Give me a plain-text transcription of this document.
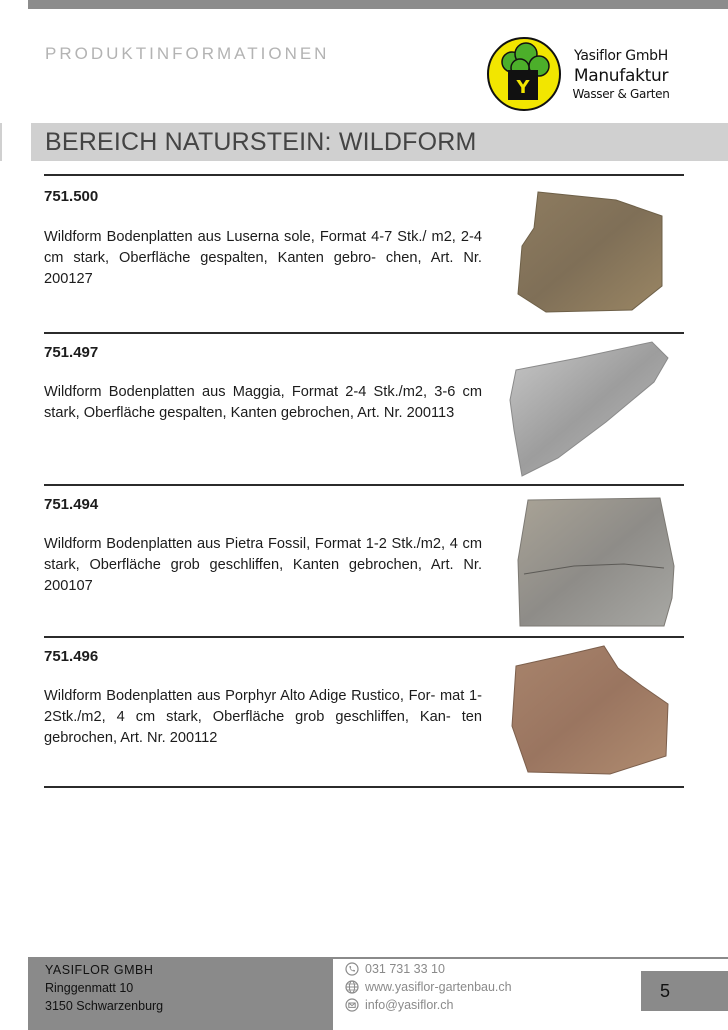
PRODUKTINFORMATIONEN
Y
Yasiflor GmbH
Manufaktur
Wasser & Garten
BEREICH NATURSTEIN: WILDFORM
751.500
Wildform Bodenplatten aus Luserna sole, Format 4-7 Stk./ m2, 2-4 cm stark, Oberfläche gespalten, Kanten gebro- chen, Art. Nr. 200127
751.497
Wildform Bodenplatten aus Maggia, Format 2-4 Stk./m2, 3-6 cm stark, Oberfläche gespalten, Kanten gebrochen, Art. Nr. 200113
751.494
Wildform Bodenplatten aus Pietra Fossil, Format 1-2 Stk./m2, 4 cm stark, Oberfläche grob geschliffen, Kanten gebrochen, Art. Nr. 200107
751.496
Wildform Bodenplatten aus Porphyr Alto Adige Rustico, For- mat 1-2Stk./m2, 4 cm stark, Oberfläche grob geschliffen, Kan- ten gebrochen, Art. Nr. 200112
YASIFLOR GMBH
Ringgenmatt 10
3150 Schwarzenburg
031 731 33 10
www.yasiflor-gartenbau.ch
info@yasiflor.ch
5
